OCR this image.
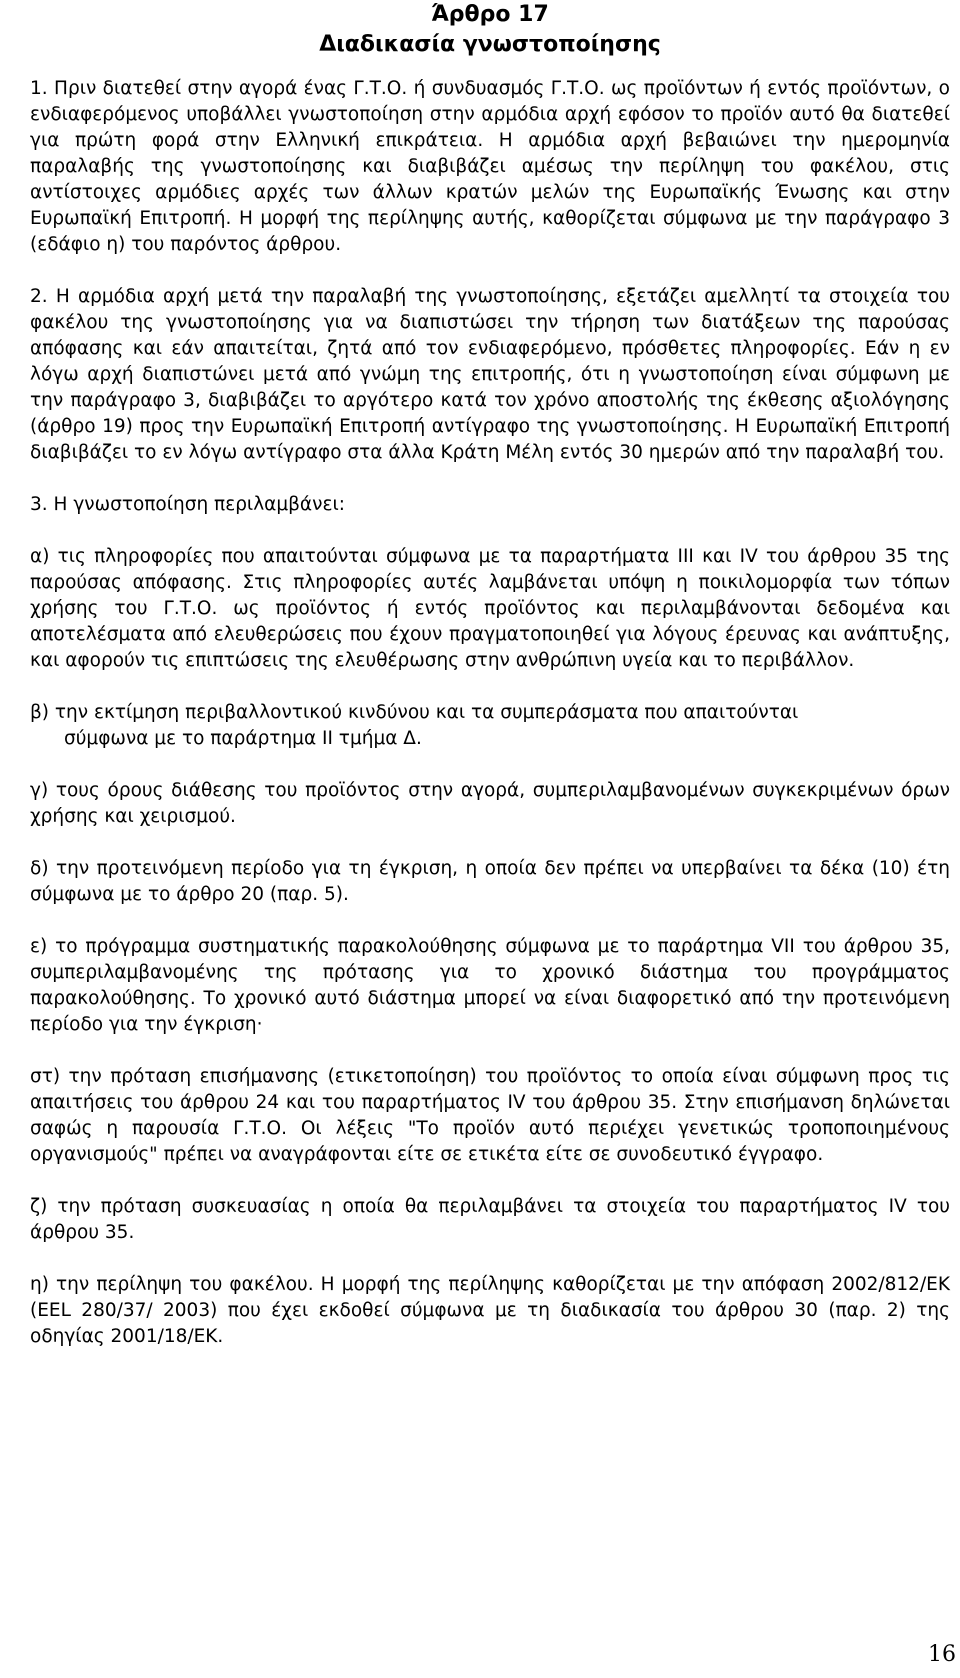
Άρθρο 17
Διαδικασία γνωστοποίησης

1. Πριν διατεθεί στην αγορά ένας Γ.Τ.Ο. ή συνδυασμός Γ.Τ.Ο. ως προϊόντων ή εντός προϊόντων, ο ενδιαφερόμενος υποβάλλει γνωστοποίηση στην αρμόδια αρχή εφόσον το προϊόν αυτό θα διατεθεί για πρώτη φορά στην Ελληνική επικράτεια. Η αρμόδια αρχή βεβαιώνει την ημερομηνία παραλαβής της γνωστοποίησης και διαβιβάζει αμέσως την περίληψη του φακέλου, στις αντίστοιχες αρμόδιες αρχές των άλλων κρατών μελών της Ευρωπαϊκής Ένωσης και στην Ευρωπαϊκή Επιτροπή. Η μορφή της περίληψης αυτής, καθορίζεται σύμφωνα με την παράγραφο 3 (εδάφιο η) του παρόντος άρθρου.

2. Η αρμόδια αρχή μετά την παραλαβή της γνωστοποίησης, εξετάζει αμελλητί τα στοιχεία του φακέλου της γνωστοποίησης για να διαπιστώσει την τήρηση των διατάξεων της παρούσας απόφασης και εάν απαιτείται, ζητά από τον ενδιαφερόμενο, πρόσθετες πληροφορίες. Εάν η εν λόγω αρχή διαπιστώνει μετά από γνώμη της επιτροπής, ότι η γνωστοποίηση είναι σύμφωνη με την παράγραφο 3, διαβιβάζει το αργότερο κατά τον χρόνο αποστολής της έκθεσης αξιολόγησης (άρθρο 19) προς την Ευρωπαϊκή Επιτροπή αντίγραφο της γνωστοποίησης. Η Ευρωπαϊκή Επιτροπή διαβιβάζει το εν λόγω αντίγραφο στα άλλα Κράτη Μέλη εντός 30 ημερών από την παραλαβή του.

3. Η γνωστοποίηση περιλαμβάνει:

α) τις πληροφορίες που απαιτούνται σύμφωνα με τα παραρτήματα III και IV του άρθρου 35 της παρούσας απόφασης. Στις πληροφορίες αυτές λαμβάνεται υπόψη η ποικιλομορφία των τόπων χρήσης του Γ.Τ.Ο. ως προϊόντος ή εντός προϊόντος και περιλαμβάνονται δεδομένα και αποτελέσματα από ελευθερώσεις που έχουν πραγματοποιηθεί για λόγους έρευνας και ανάπτυξης, και αφορούν τις επιπτώσεις της ελευθέρωσης στην ανθρώπινη υγεία και το περιβάλλον.

β) την εκτίμηση περιβαλλοντικού κινδύνου και τα συμπεράσματα που απαιτούνται

σύμφωνα με το παράρτημα II τμήμα Δ.

γ) τους όρους διάθεσης του προϊόντος στην αγορά, συμπεριλαμβανομένων συγκεκριμένων όρων χρήσης και χειρισμού.

δ) την προτεινόμενη περίοδο για τη έγκριση, η οποία δεν πρέπει να υπερβαίνει τα δέκα (10) έτη σύμφωνα με το άρθρο 20 (παρ. 5).

ε) το πρόγραμμα συστηματικής παρακολούθησης σύμφωνα με το παράρτημα VII του άρθρου 35, συμπεριλαμβανομένης της πρότασης για το χρονικό διάστημα του προγράμματος παρακολούθησης. Το χρονικό αυτό διάστημα μπορεί να είναι διαφορετικό από την προτεινόμενη περίοδο για την έγκριση·

στ) την πρόταση επισήμανσης (ετικετοποίηση) του προϊόντος το οποία είναι σύμφωνη προς τις απαιτήσεις του άρθρου 24 και του παραρτήματος IV του άρθρου 35. Στην επισήμανση δηλώνεται σαφώς η παρουσία Γ.Τ.Ο. Οι λέξεις "Το προϊόν αυτό περιέχει γενετικώς τροποποιημένους οργανισμούς" πρέπει να αναγράφονται είτε σε ετικέτα είτε σε συνοδευτικό έγγραφο.

ζ) την πρόταση συσκευασίας η οποία θα περιλαμβάνει τα στοιχεία του παραρτήματος IV του άρθρου 35.

η) την περίληψη του φακέλου. Η μορφή της περίληψης καθορίζεται με την απόφαση 2002/812/ΕΚ (ΕΕL 280/37/ 2003) που έχει εκδοθεί σύμφωνα με τη διαδικασία του άρθρου 30 (παρ. 2) της οδηγίας 2001/18/ΕΚ.

16
